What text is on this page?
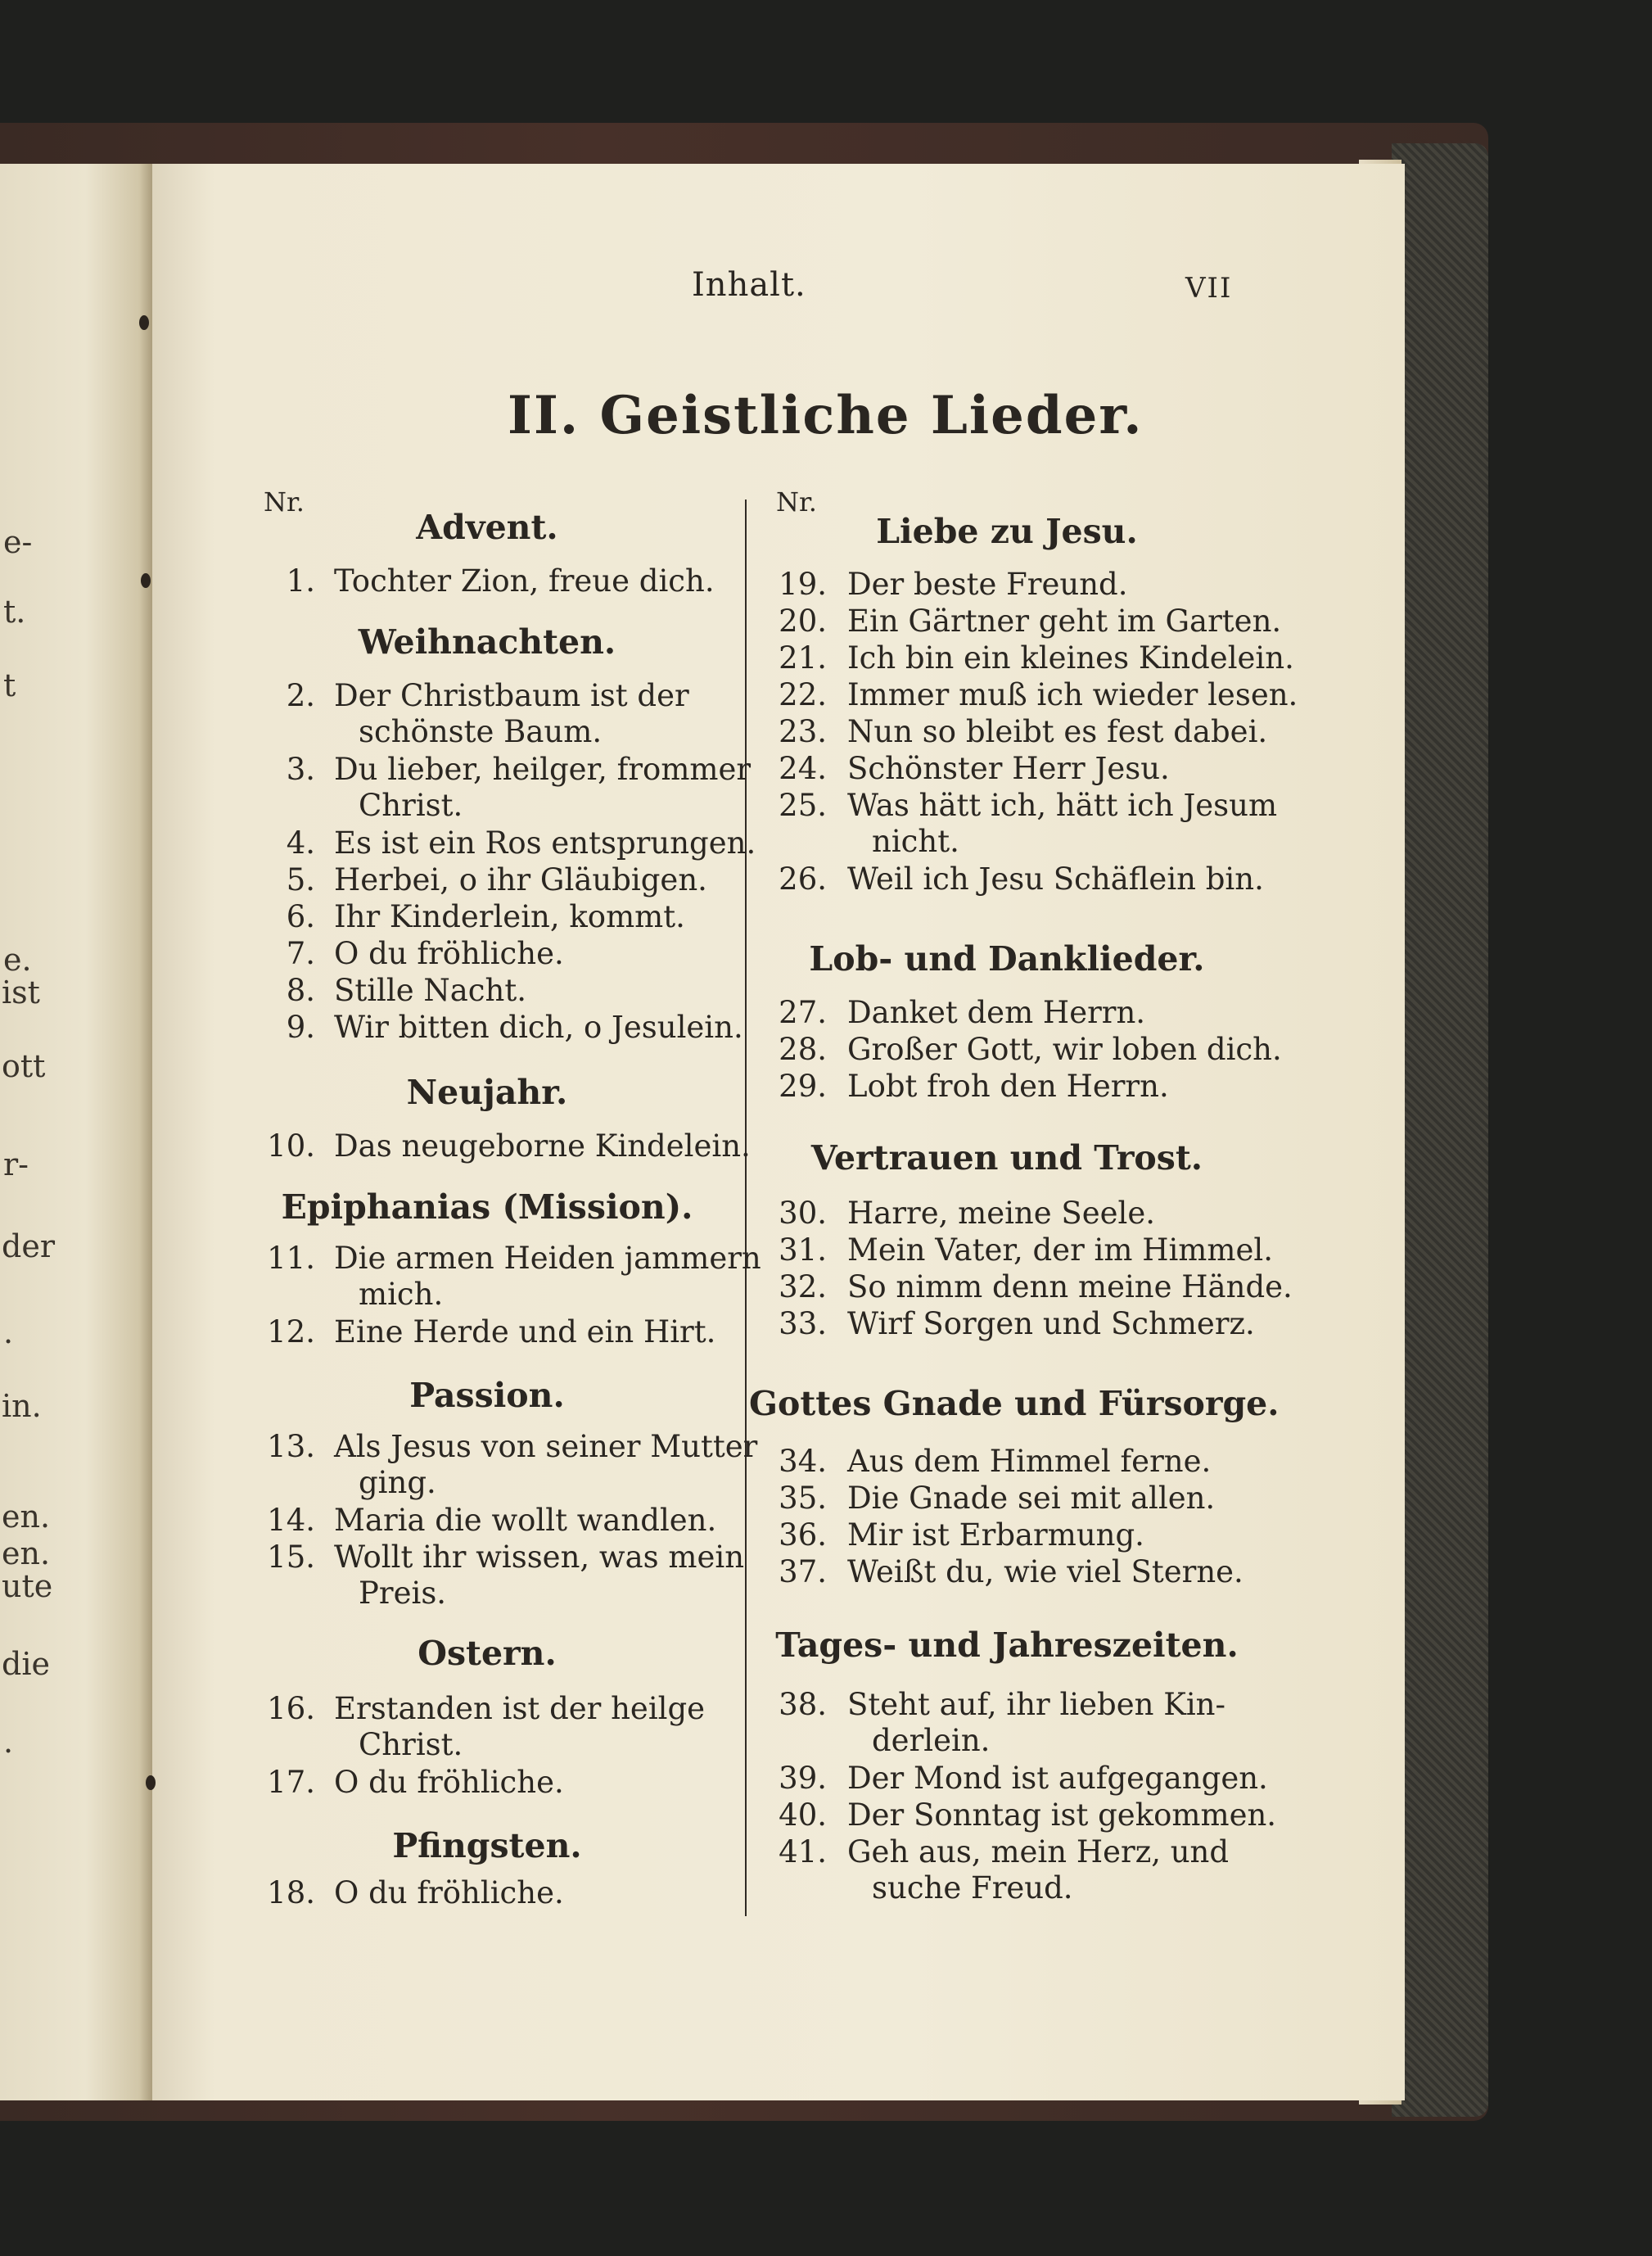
e-
t.
t
e.
ist
ott
r-
der
.
in.
en.
en.
ute
die
.
Inhalt.	VII
II. Geistliche Lieder.
Nr.	Nr.
Advent.
1. Tochter Zion, freue dich.
Weihnachten.
2. Der Christbaum ist der
schönste Baum.
3. Du lieber, heilger, frommer
Christ.
4. Es ist ein Ros entsprungen.
5. Herbei, o ihr Gläubigen.
6. Ihr Kinderlein, kommt.
7. O du fröhliche.
8. Stille Nacht.
9. Wir bitten dich, o Jesulein.
Neujahr.
10. Das neugeborne Kindelein.
Epiphanias (Mission).
11. Die armen Heiden jammern
mich.
12. Eine Herde und ein Hirt.
Passion.
13. Als Jesus von seiner Mutter
ging.
14. Maria die wollt wandlen.
15. Wollt ihr wissen, was mein
Preis.
Ostern.
16. Erstanden ist der heilge
Christ.
17. O du fröhliche.
Pfingsten.
18. O du fröhliche.
Liebe zu Jesu.
19. Der beste Freund.
20. Ein Gärtner geht im Garten.
21. Ich bin ein kleines Kindelein.
22. Immer muß ich wieder lesen.
23. Nun so bleibt es fest dabei.
24. Schönster Herr Jesu.
25. Was hätt ich, hätt ich Jesum
nicht.
26. Weil ich Jesu Schäflein bin.
Lob- und Danklieder.
27. Danket dem Herrn.
28. Großer Gott, wir loben dich.
29. Lobt froh den Herrn.
Vertrauen und Trost.
30. Harre, meine Seele.
31. Mein Vater, der im Himmel.
32. So nimm denn meine Hände.
33. Wirf Sorgen und Schmerz.
Gottes Gnade und Fürsorge.
34. Aus dem Himmel ferne.
35. Die Gnade sei mit allen.
36. Mir ist Erbarmung.
37. Weißt du, wie viel Sterne.
Tages- und Jahreszeiten.
38. Steht auf, ihr lieben Kin-
derlein.
39. Der Mond ist aufgegangen.
40. Der Sonntag ist gekommen.
41. Geh aus, mein Herz, und
suche Freud.
